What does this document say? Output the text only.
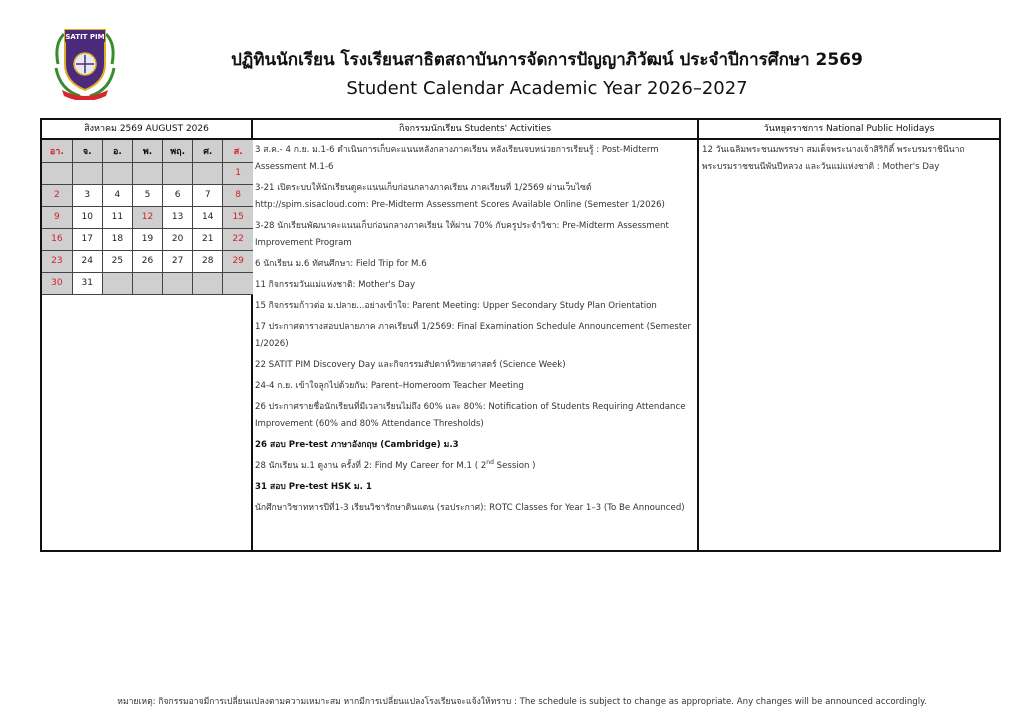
SATIT PIM
ปฏิทินนักเรียน โรงเรียนสาธิตสถาบันการจัดการปัญญาภิวัฒน์ ประจำปีการศึกษา 2569
Student Calendar Academic Year 2026–2027
สิงหาคม 2569 AUGUST 2026
อา.	จ.	อ.	พ.	พฤ.	ศ.	ส.
						1
2	3	4	5	6	7	8
9	10	11	12	13	14	15
16	17	18	19	20	21	22
23	24	25	26	27	28	29
30	31					
กิจกรรมนักเรียน Students' Activities
3 ส.ค.- 4 ก.ย. ม.1-6 ดำเนินการเก็บคะแนนหลังกลางภาคเรียน หลังเรียนจบหน่วยการเรียนรู้ : Post-Midterm Assessment M.1-6
3-21 เปิดระบบให้นักเรียนดูคะแนนเก็บก่อนกลางภาคเรียน ภาคเรียนที่ 1/2569 ผ่านเว็บไซต์ http://spim.sisacloud.com: Pre-Midterm Assessment Scores Available Online (Semester 1/2026)
3-28 นักเรียนพัฒนาคะแนนเก็บก่อนกลางภาคเรียน ให้ผ่าน 70% กับครูประจำวิชา: Pre-Midterm Assessment Improvement Program
6 นักเรียน ม.6 ทัศนศึกษา: Field Trip for M.6
11 กิจกรรมวันแม่แห่งชาติ: Mother's Day
15 กิจกรรมก้าวต่อ ม.ปลาย...อย่างเข้าใจ: Parent Meeting: Upper Secondary Study Plan Orientation
17 ประกาศตารางสอบปลายภาค ภาคเรียนที่ 1/2569: Final Examination Schedule Announcement (Semester 1/2026)
22 SATIT PIM Discovery Day และกิจกรรมสัปดาห์วิทยาศาสตร์ (Science Week)
24-4 ก.ย. เข้าใจลูกไปด้วยกัน: Parent–Homeroom Teacher Meeting
26 ประกาศรายชื่อนักเรียนที่มีเวลาเรียนไม่ถึง 60% และ 80%: Notification of Students Requiring Attendance Improvement (60% and 80% Attendance Thresholds)
26 สอบ Pre-test ภาษาอังกฤษ (Cambridge) ม.3
28 นักเรียน ม.1 ดูงาน ครั้งที่ 2: Find My Career for M.1 ( 2nd Session )
31 สอบ Pre-test HSK ม. 1
นักศึกษาวิชาทหารปีที่1-3 เรียนวิชารักษาดินแดน (รอประกาศ): ROTC Classes for Year 1–3 (To Be Announced)
วันหยุดราชการ National Public Holidays
12 วันเฉลิมพระชนมพรรษา สมเด็จพระนางเจ้าสิริกิติ์ พระบรมราชินีนาถ พระบรมราชชนนีพันปีหลวง และวันแม่แห่งชาติ : Mother's Day
หมายเหตุ: กิจกรรมอาจมีการเปลี่ยนแปลงตามความเหมาะสม หากมีการเปลี่ยนแปลงโรงเรียนจะแจ้งให้ทราบ : The schedule is subject to change as appropriate. Any changes will be announced accordingly.
